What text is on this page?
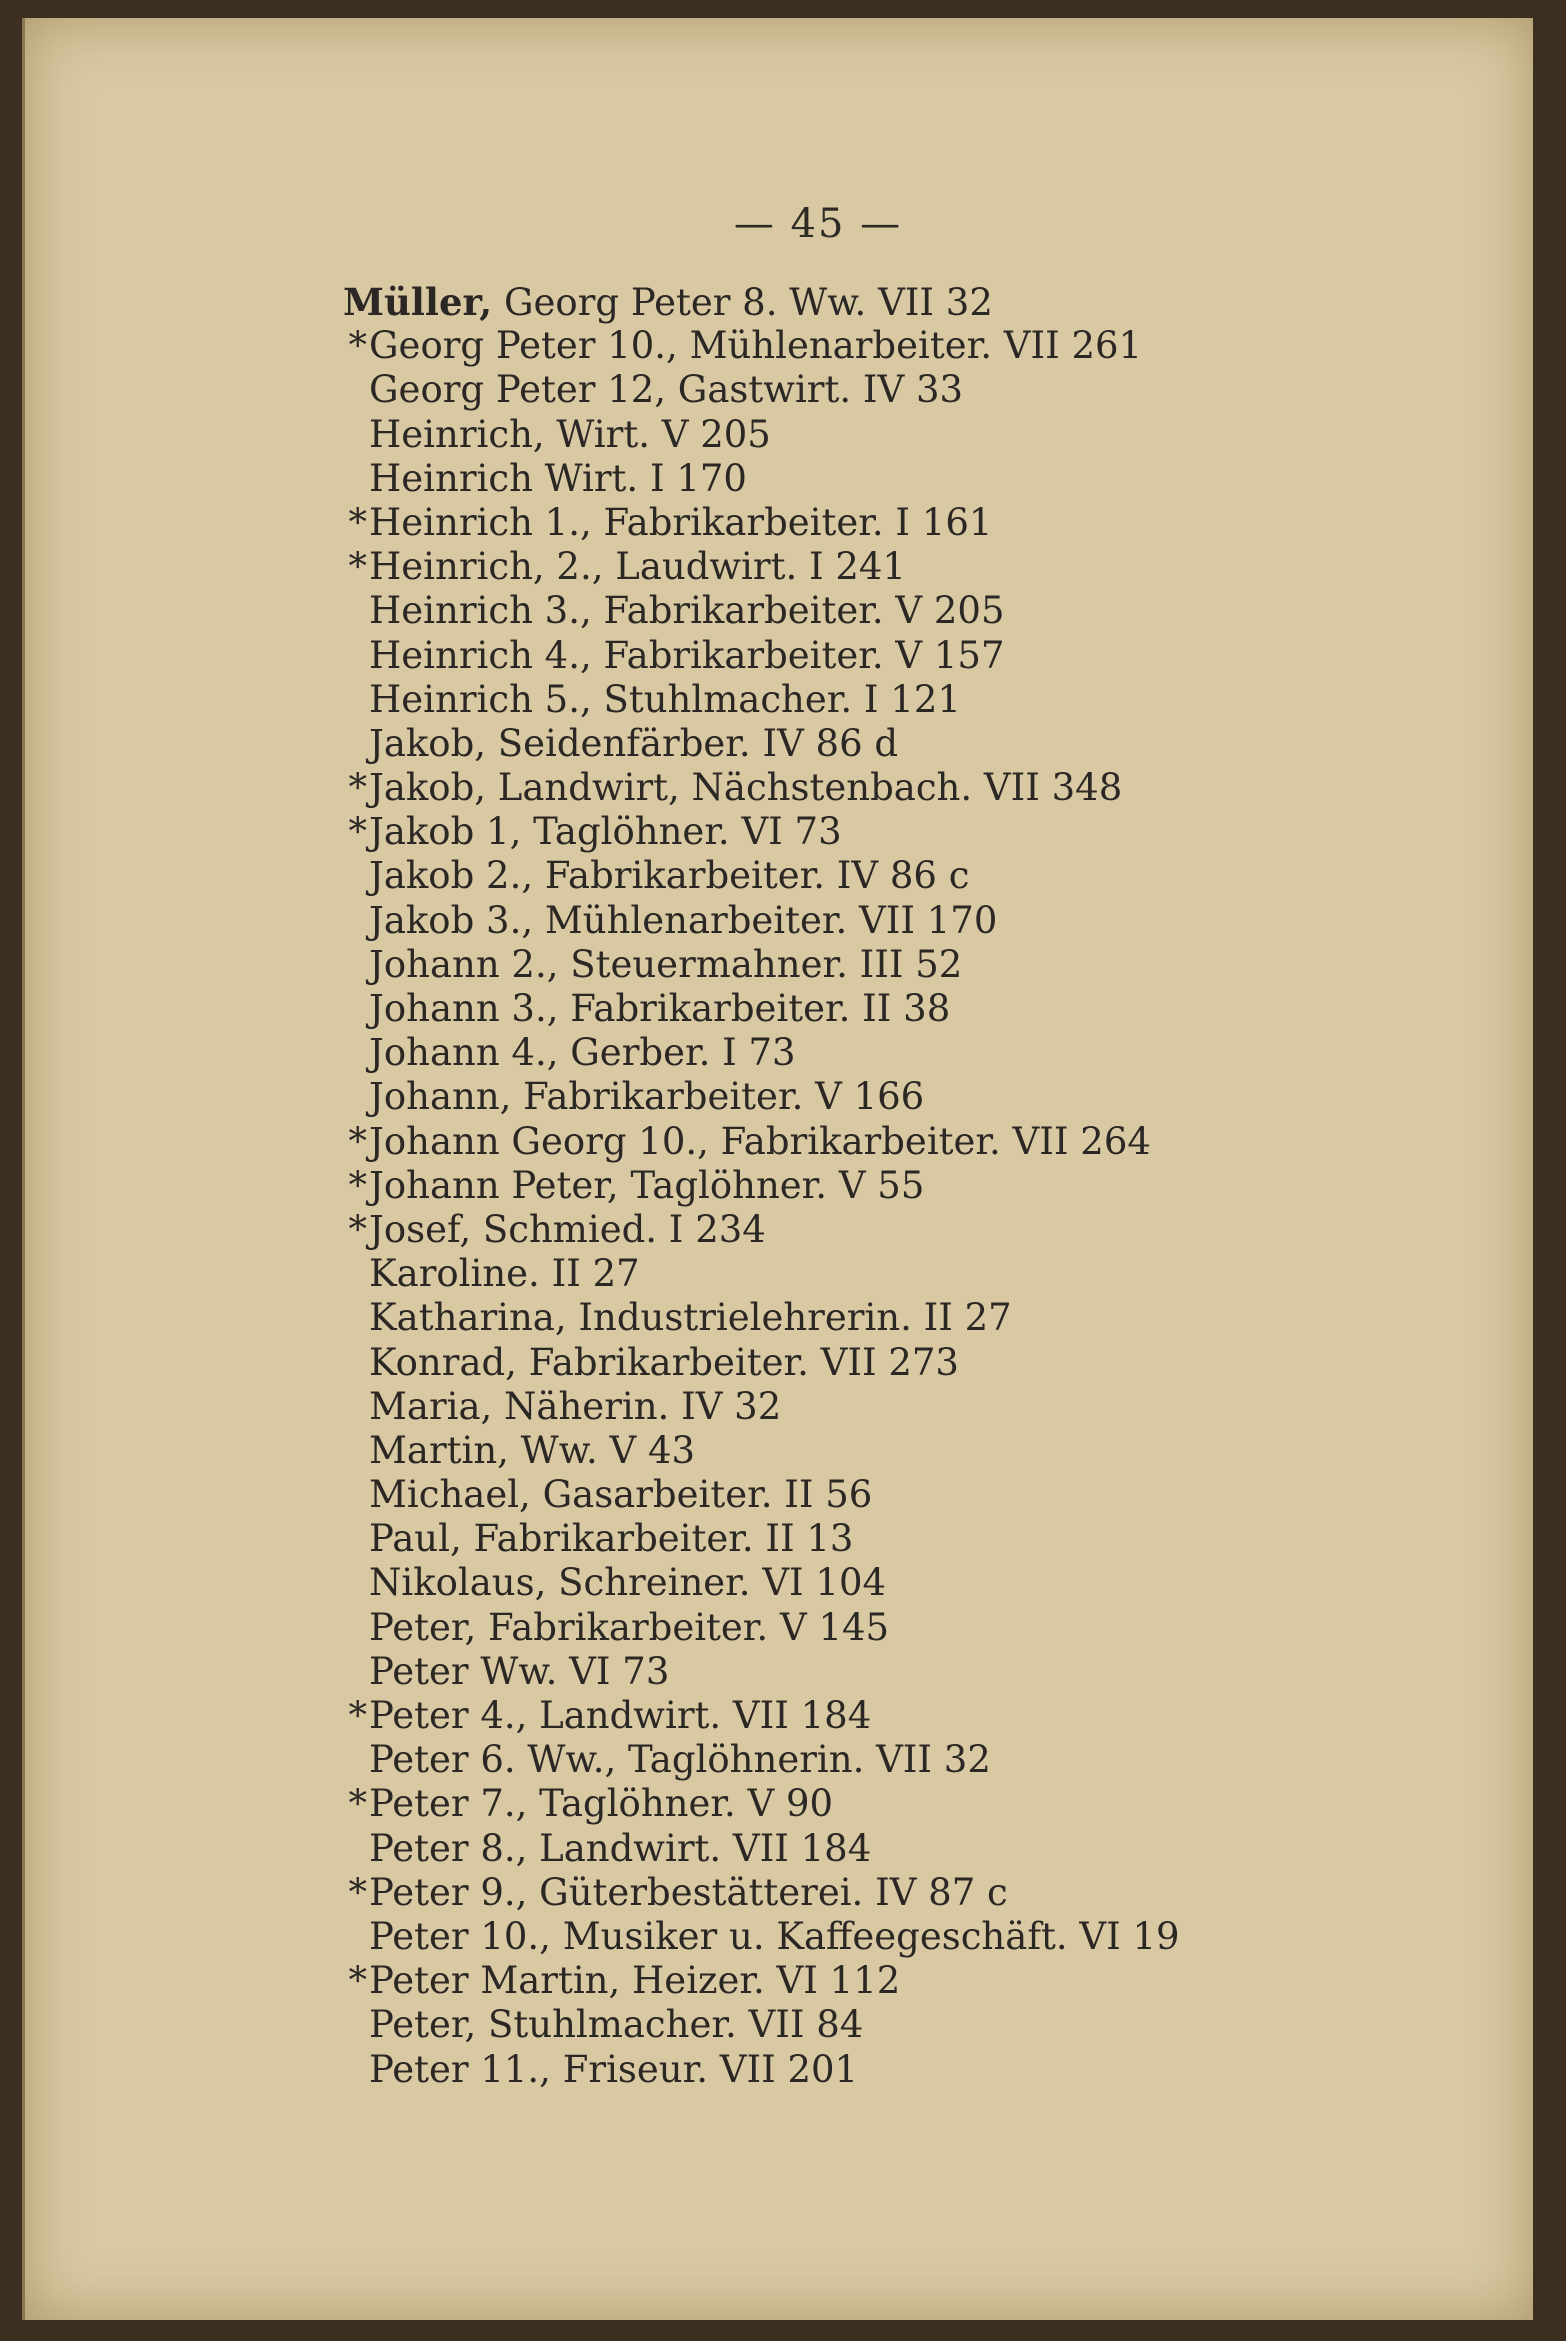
— 45 —
Müller, Georg Peter 8. Ww. VII 32
* Georg Peter 10., Mühlenarbeiter. VII 261
Georg Peter 12, Gastwirt. IV 33
Heinrich, Wirt. V 205
Heinrich Wirt. I 170
* Heinrich 1., Fabrikarbeiter. I 161
* Heinrich, 2., Laudwirt. I 241
Heinrich 3., Fabrikarbeiter. V 205
Heinrich 4., Fabrikarbeiter. V 157
Heinrich 5., Stuhlmacher. I 121
Jakob, Seidenfärber. IV 86 d
* Jakob, Landwirt, Nächstenbach. VII 348
* Jakob 1, Taglöhner. VI 73
Jakob 2., Fabrikarbeiter. IV 86 c
Jakob 3., Mühlenarbeiter. VII 170
Johann 2., Steuermahner. III 52
Johann 3., Fabrikarbeiter. II 38
Johann 4., Gerber. I 73
Johann, Fabrikarbeiter. V 166
* Johann Georg 10., Fabrikarbeiter. VII 264
* Johann Peter, Taglöhner. V 55
* Josef, Schmied. I 234
Karoline. II 27
Katharina, Industrielehrerin. II 27
Konrad, Fabrikarbeiter. VII 273
Maria, Näherin. IV 32
Martin, Ww. V 43
Michael, Gasarbeiter. II 56
Paul, Fabrikarbeiter. II 13
Nikolaus, Schreiner. VI 104
Peter, Fabrikarbeiter. V 145
Peter Ww. VI 73
* Peter 4., Landwirt. VII 184
Peter 6. Ww., Taglöhnerin. VII 32
* Peter 7., Taglöhner. V 90
Peter 8., Landwirt. VII 184
* Peter 9., Güterbestätterei. IV 87 c
Peter 10., Musiker u. Kaffeegeschäft. VI 19
* Peter Martin, Heizer. VI 112
Peter, Stuhlmacher. VII 84
Peter 11., Friseur. VII 201
